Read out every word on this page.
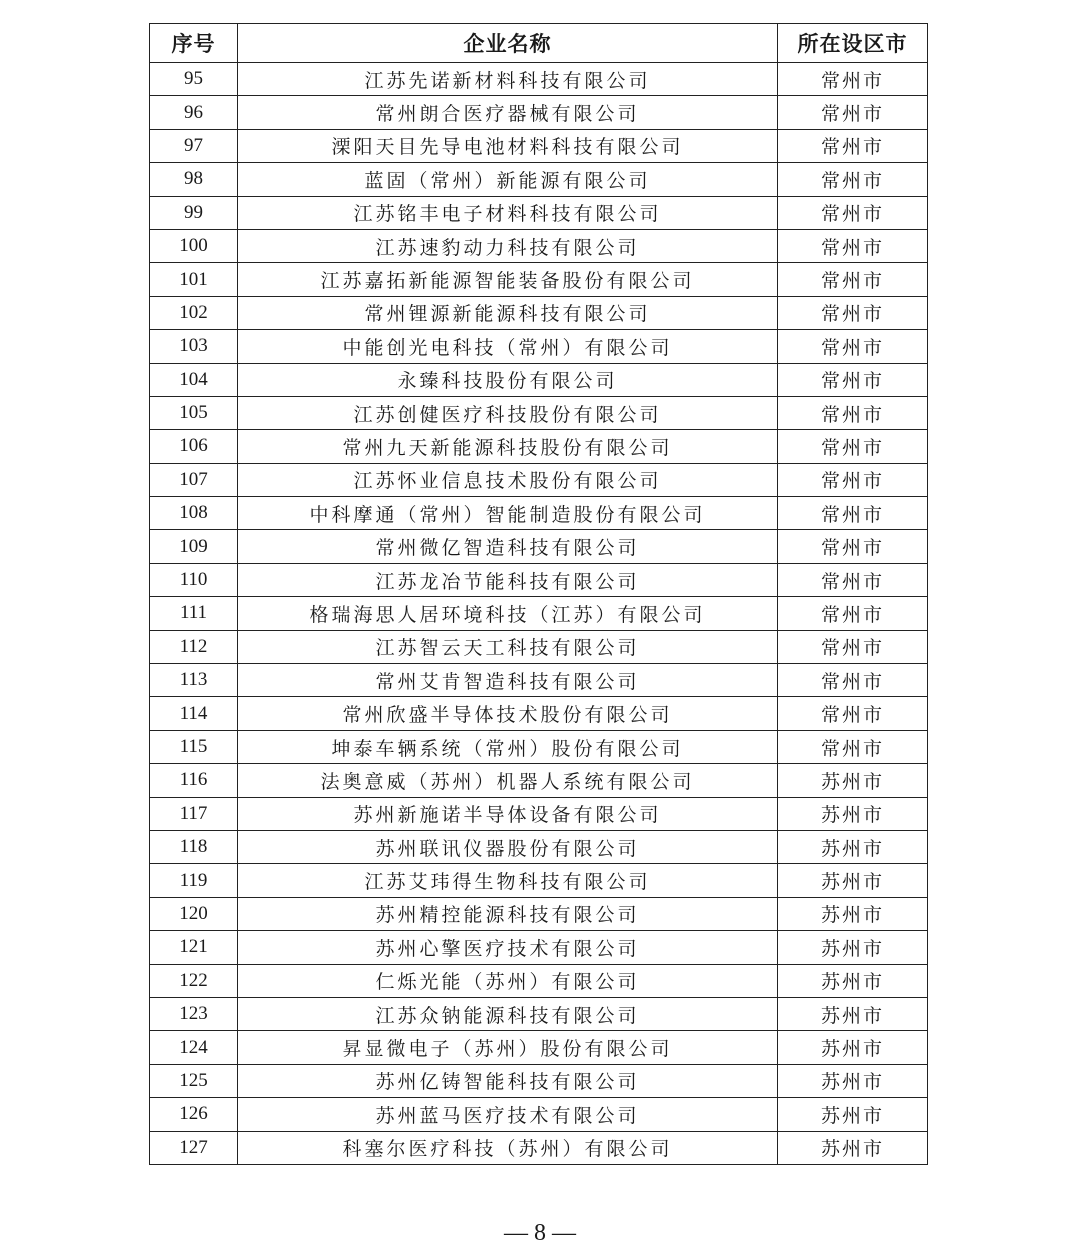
序号	企业名称	所在设区市
95	江苏先诺新材料科技有限公司	常州市
96	常州朗合医疗器械有限公司	常州市
97	溧阳天目先导电池材料科技有限公司	常州市
98	蓝固（常州）新能源有限公司	常州市
99	江苏铭丰电子材料科技有限公司	常州市
100	江苏速豹动力科技有限公司	常州市
101	江苏嘉拓新能源智能装备股份有限公司	常州市
102	常州锂源新能源科技有限公司	常州市
103	中能创光电科技（常州）有限公司	常州市
104	永臻科技股份有限公司	常州市
105	江苏创健医疗科技股份有限公司	常州市
106	常州九天新能源科技股份有限公司	常州市
107	江苏怀业信息技术股份有限公司	常州市
108	中科摩通（常州）智能制造股份有限公司	常州市
109	常州微亿智造科技有限公司	常州市
110	江苏龙冶节能科技有限公司	常州市
111	格瑞海思人居环境科技（江苏）有限公司	常州市
112	江苏智云天工科技有限公司	常州市
113	常州艾肯智造科技有限公司	常州市
114	常州欣盛半导体技术股份有限公司	常州市
115	坤泰车辆系统（常州）股份有限公司	常州市
116	法奥意威（苏州）机器人系统有限公司	苏州市
117	苏州新施诺半导体设备有限公司	苏州市
118	苏州联讯仪器股份有限公司	苏州市
119	江苏艾玮得生物科技有限公司	苏州市
120	苏州精控能源科技有限公司	苏州市
121	苏州心擎医疗技术有限公司	苏州市
122	仁烁光能（苏州）有限公司	苏州市
123	江苏众钠能源科技有限公司	苏州市
124	昇显微电子（苏州）股份有限公司	苏州市
125	苏州亿铸智能科技有限公司	苏州市
126	苏州蓝马医疗技术有限公司	苏州市
127	科塞尔医疗科技（苏州）有限公司	苏州市
— 8 —
